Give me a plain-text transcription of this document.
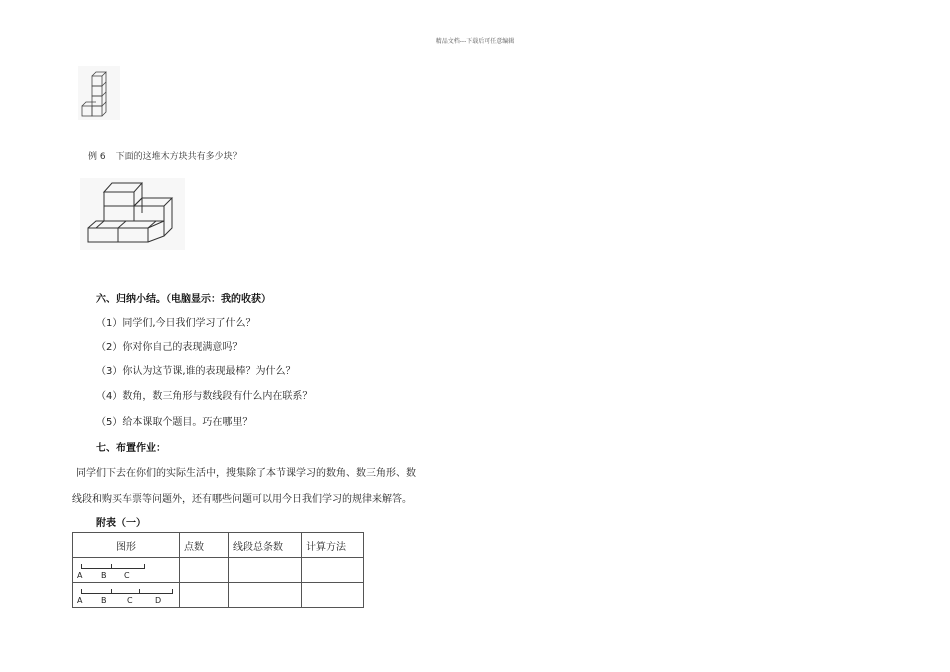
精品文档---下载后可任意编辑
例 6 下面的这堆木方块共有多少块？
六、归纳小结。（电脑显示：我的收获）
（1）同学们,今日我们学习了什么？
（2）你对你自己的表现满意吗？
（3）你认为这节课,谁的表现最棒？为什么？
（4）数角，数三角形与数线段有什么内在联系？
（5）给本课取个题目。巧在哪里？
七、布置作业：
同学们下去在你们的实际生活中，搜集除了本节课学习的数角、数三角形、数
线段和购买车票等问题外，还有哪些问题可以用今日我们学习的规律来解答。
附表（一）
图形	点数	线段总条数	计算方法

A B C			

A B C D			
